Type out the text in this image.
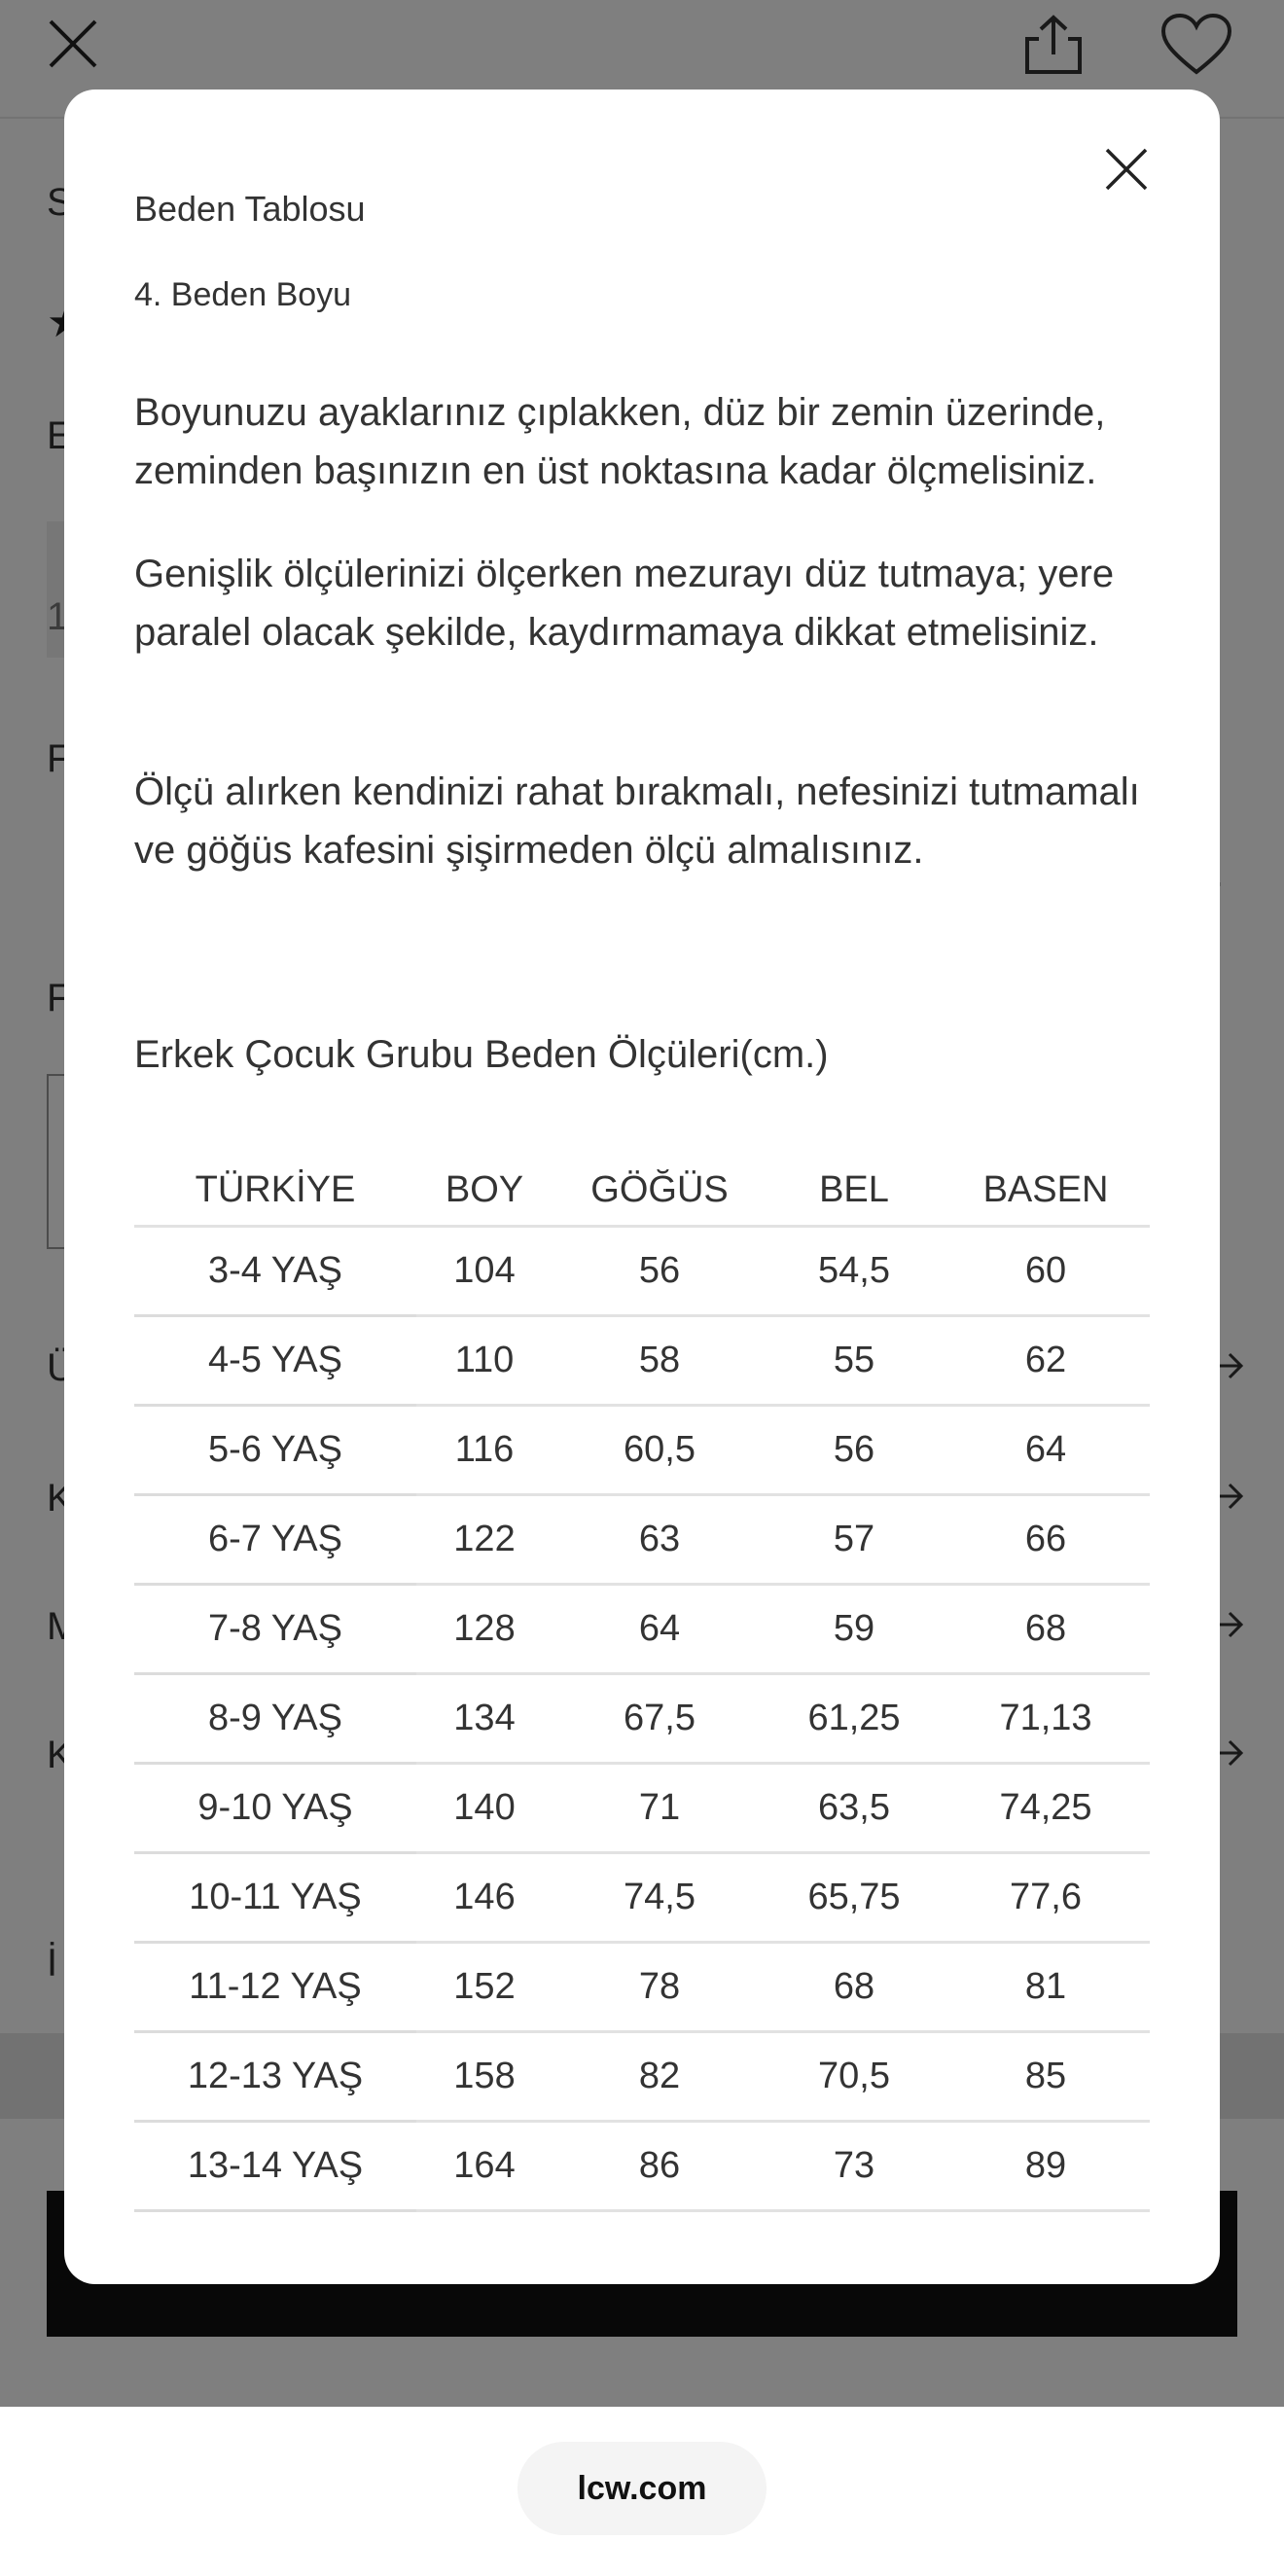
Beden Tablosu
4. Beden Boyu

Boyunuzu ayaklarınız çıplakken, düz bir zemin üzerinde, zeminden başınızın en üst noktasına kadar ölçmelisiniz.

Genişlik ölçülerinizi ölçerken mezurayı düz tutmaya; yere paralel olacak şekilde, kaydırmamaya dikkat etmelisiniz.

Ölçü alırken kendinizi rahat bırakmalı, nefesinizi tutmamalı ve göğüs kafesini şişirmeden ölçü almalısınız.

Erkek Çocuk Grubu Beden Ölçüleri(cm.)
TÜRKİYE	BOY	GÖĞÜS	BEL	BASEN
3-4 YAŞ	104	56	54,5	60
4-5 YAŞ	110	58	55	62
5-6 YAŞ	116	60,5	56	64
6-7 YAŞ	122	63	57	66
7-8 YAŞ	128	64	59	68
8-9 YAŞ	134	67,5	61,25	71,13
9-10 YAŞ	140	71	63,5	74,25
10-11 YAŞ	146	74,5	65,75	77,6
11-12 YAŞ	152	78	68	81
12-13 YAŞ	158	82	70,5	85
13-14 YAŞ	164	86	73	89
lcw.com
